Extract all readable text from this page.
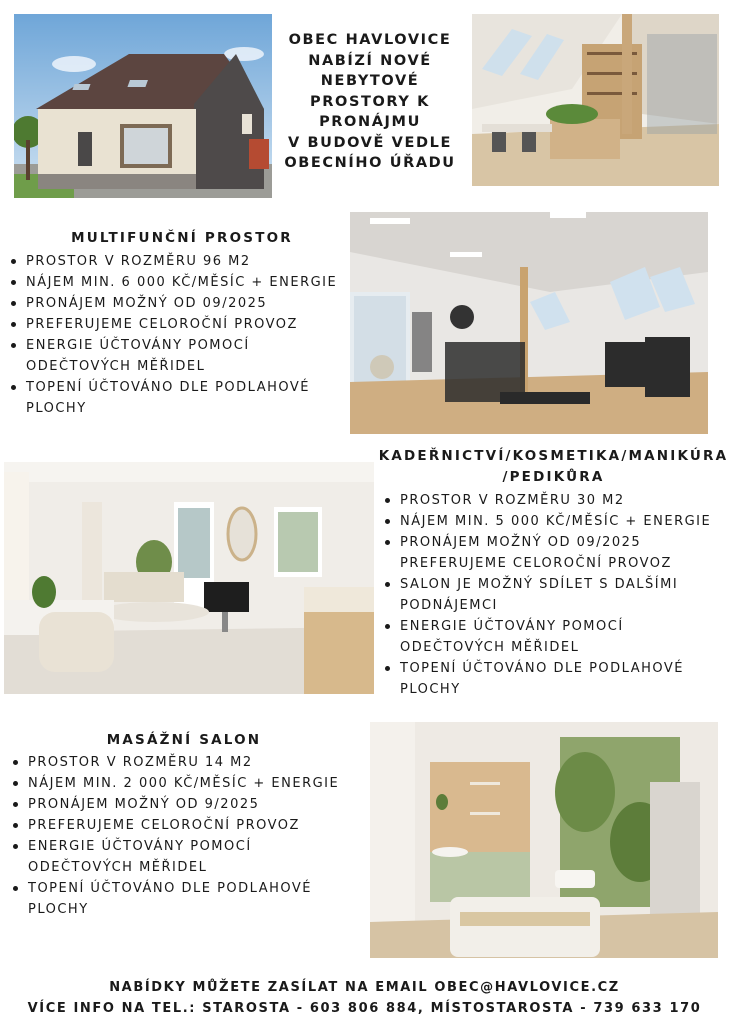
OBEC HAVLOVICE
NABÍZÍ NOVÉ
NEBYTOVÉ
PROSTORY K
PRONÁJMU
V BUDOVĚ VEDLE
OBECNÍHO ÚŘADU
MULTIFUNČNÍ PROSTOR
PROSTOR V ROZMĚRU 96 M2
NÁJEM MIN. 6 000 KČ/MĚSÍC + ENERGIE
PRONÁJEM MOŽNÝ OD 09/2025
PREFERUJEME CELOROČNÍ PROVOZ
ENERGIE ÚČTOVÁNY POMOCÍ ODEČTOVÝCH MĚŘIDEL
TOPENÍ ÚČTOVÁNO DLE PODLAHOVÉ PLOCHY
KADEŘNICTVÍ/KOSMETIKA/MANIKÚRA
/PEDIKŮRA
PROSTOR V ROZMĚRU 30 M2
NÁJEM MIN. 5 000 KČ/MĚSÍC + ENERGIE
PRONÁJEM MOŽNÝ OD 09/2025 PREFERUJEME CELOROČNÍ PROVOZ
SALON JE MOŽNÝ SDÍLET S DALŠÍMI PODNÁJEMCI
ENERGIE ÚČTOVÁNY POMOCÍ ODEČTOVÝCH MĚŘIDEL
TOPENÍ ÚČTOVÁNO DLE PODLAHOVÉ PLOCHY
MASÁŽNÍ SALON
PROSTOR V ROZMĚRU 14 M2
NÁJEM MIN. 2 000 KČ/MĚSÍC + ENERGIE
PRONÁJEM MOŽNÝ OD 9/2025
PREFERUJEME CELOROČNÍ PROVOZ
ENERGIE ÚČTOVÁNY POMOCÍ ODEČTOVÝCH MĚŘIDEL
TOPENÍ ÚČTOVÁNO DLE PODLAHOVÉ PLOCHY
NABÍDKY MŮŽETE ZASÍLAT NA EMAIL OBEC@HAVLOVICE.CZ
VÍCE INFO NA TEL.: STAROSTA - 603 806 884, MÍSTOSTAROSTA - 739 633 170
